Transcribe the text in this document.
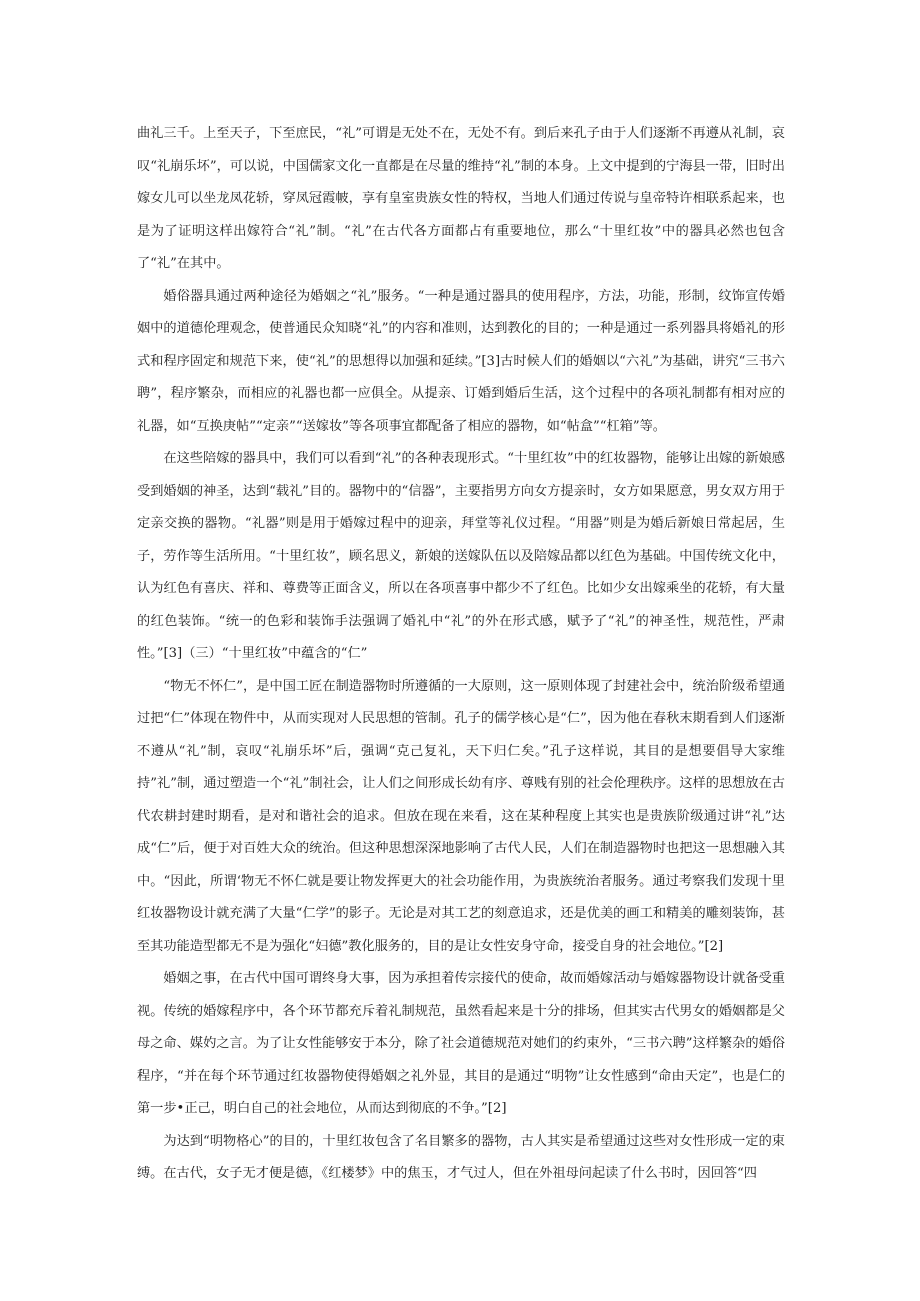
曲礼三千。上至天子，下至庶民，“礼”可谓是无处不在，无处不有。到后来孔子由于人们逐渐不再遵从礼制，哀叹“礼崩乐坏”，可以说，中国儒家文化一直都是在尽量的维持“礼”制的本身。上文中提到的宁海县一带，旧时出嫁女儿可以坐龙凤花轿，穿凤冠霞帔，享有皇室贵族女性的特权，当地人们通过传说与皇帝特许相联系起来，也是为了证明这样出嫁符合“礼”制。“礼”在古代各方面都占有重要地位，那么“十里红妆”中的器具必然也包含了“礼”在其中。

婚俗器具通过两种途径为婚姻之“礼”服务。“一种是通过器具的使用程序，方法，功能，形制，纹饰宣传婚姻中的道德伦理观念，使普通民众知晓“礼”的内容和准则，达到教化的目的；一种是通过一系列器具将婚礼的形式和程序固定和规范下来，使“礼”的思想得以加强和延续。”[3]古时候人们的婚姻以“六礼”为基础，讲究“三书六聘”，程序繁杂，而相应的礼器也都一应俱全。从提亲、订婚到婚后生活，这个过程中的各项礼制都有相对应的礼器，如“互换庚帖”“定亲”“送嫁妆”等各项事宜都配备了相应的器物，如“帖盒”“杠箱”等。

在这些陪嫁的器具中，我们可以看到“礼”的各种表现形式。“十里红妆”中的红妆器物，能够让出嫁的新娘感受到婚姻的神圣，达到“载礼”目的。器物中的“信器”，主要指男方向女方提亲时，女方如果愿意，男女双方用于定亲交换的器物。“礼器”则是用于婚嫁过程中的迎亲，拜堂等礼仪过程。“用器”则是为婚后新娘日常起居，生子，劳作等生活所用。“十里红妆”，顾名思义，新娘的送嫁队伍以及陪嫁品都以红色为基础。中国传统文化中，认为红色有喜庆、祥和、尊费等正面含义，所以在各项喜事中都少不了红色。比如少女出嫁乘坐的花轿，有大量的红色装饰。“统一的色彩和装饰手法强调了婚礼中“礼”的外在形式感，赋予了“礼”的神圣性，规范性，严肃性。”[3]（三）“十里红妆”中蕴含的“仁”

“物无不怀仁”，是中国工匠在制造器物时所遵循的一大原则，这一原则体现了封建社会中，统治阶级希望通过把“仁”体现在物件中，从而实现对人民思想的管制。孔子的儒学核心是“仁”，因为他在春秋末期看到人们逐渐不遵从“礼”制，哀叹“礼崩乐坏”后，强调“克己复礼，天下归仁矣。”孔子这样说，其目的是想要倡导大家维持”礼”制，通过塑造一个“礼”制社会，让人们之间形成长幼有序、尊贱有别的社会伦理秩序。这样的思想放在古代农耕封建时期看，是对和谐社会的追求。但放在现在来看，这在某种程度上其实也是贵族阶级通过讲“礼”达成“仁”后，便于对百姓大众的统治。但这种思想深深地影响了古代人民，人们在制造器物时也把这一思想融入其中。“因此，所谓‘物无不怀仁就是要让物发挥更大的社会功能作用，为贵族统治者服务。通过考察我们发现十里红妆器物设计就充满了大量“仁学”的影子。无论是对其工艺的刻意追求，还是优美的画工和精美的雕刻装饰，甚至其功能造型都无不是为强化“妇德”教化服务的，目的是让女性安身守命，接受自身的社会地位。”[2]

婚姻之事，在古代中国可谓终身大事，因为承担着传宗接代的使命，故而婚嫁活动与婚嫁器物设计就备受重视。传统的婚嫁程序中，各个环节都充斥着礼制规范，虽然看起来是十分的排场，但其实古代男女的婚姻都是父母之命、媒妁之言。为了让女性能够安于本分，除了社会道德规范对她们的约束外，“三书六聘”这样繁杂的婚俗程序，“并在每个环节通过红妆器物使得婚姻之礼外显，其目的是通过“明物”让女性感到“命由天定”，也是仁的第一步•正己，明白自己的社会地位，从而达到彻底的不争。”[2]

为达到“明物格心”的目的，十里红妆包含了名目繁多的器物，古人其实是希望通过这些对女性形成一定的束缚。在古代，女子无才便是德，《红楼梦》中的焦玉，才气过人，但在外祖母问起读了什么书时，因回答“四
